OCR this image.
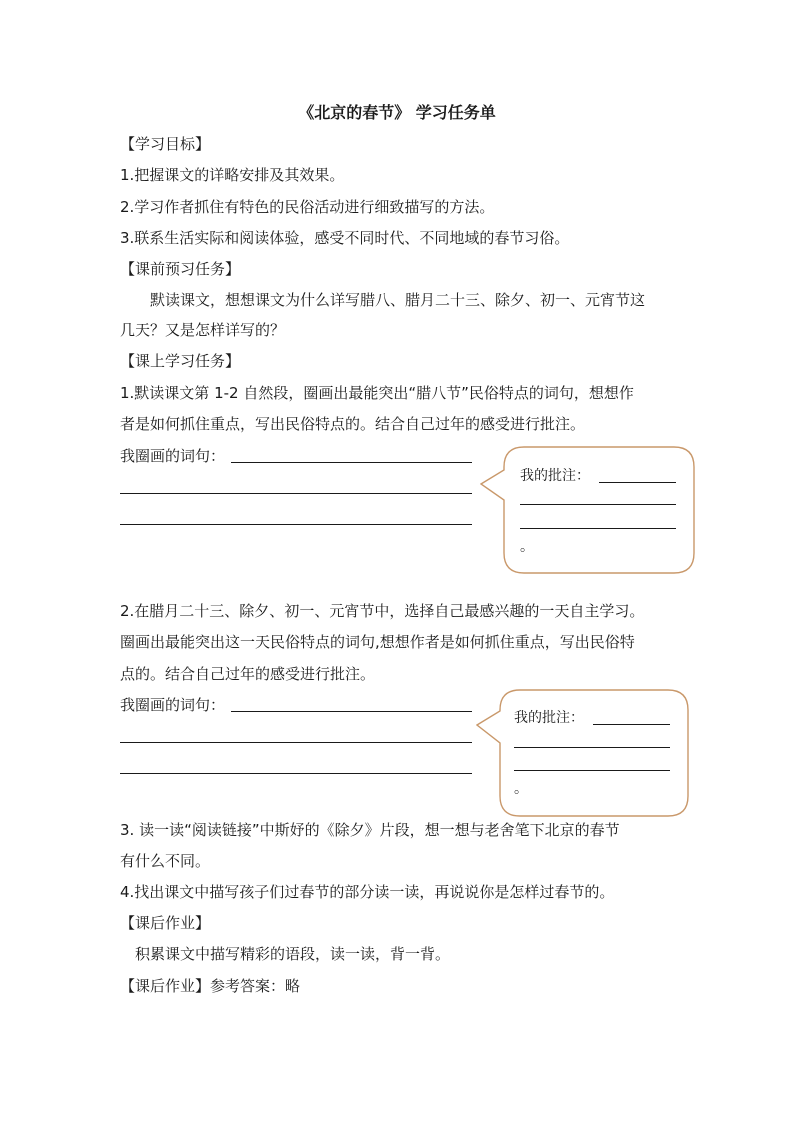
《北京的春节》 学习任务单
【学习目标】
1.把握课文的详略安排及其效果。
2.学习作者抓住有特色的民俗活动进行细致描写的方法。
3.联系生活实际和阅读体验，感受不同时代、不同地域的春节习俗。
【课前预习任务】
默读课文，想想课文为什么详写腊八、腊月二十三、除夕、初一、元宵节这
几天？又是怎样详写的？
【课上学习任务】
1.默读课文第 1-2 自然段，圈画出最能突出“腊八节”民俗特点的词句，想想作
者是如何抓住重点，写出民俗特点的。结合自己过年的感受进行批注。
我圈画的词句：
我的批注：
。
2.在腊月二十三、除夕、初一、元宵节中，选择自己最感兴趣的一天自主学习。
圈画出最能突出这一天民俗特点的词句,想想作者是如何抓住重点，写出民俗特
点的。结合自己过年的感受进行批注。
我圈画的词句：
我的批注：
。
3. 读一读“阅读链接”中斯妤的《除夕》片段，想一想与老舍笔下北京的春节
有什么不同。
4.找出课文中描写孩子们过春节的部分读一读，再说说你是怎样过春节的。
【课后作业】
积累课文中描写精彩的语段，读一读，背一背。
【课后作业】参考答案：略
